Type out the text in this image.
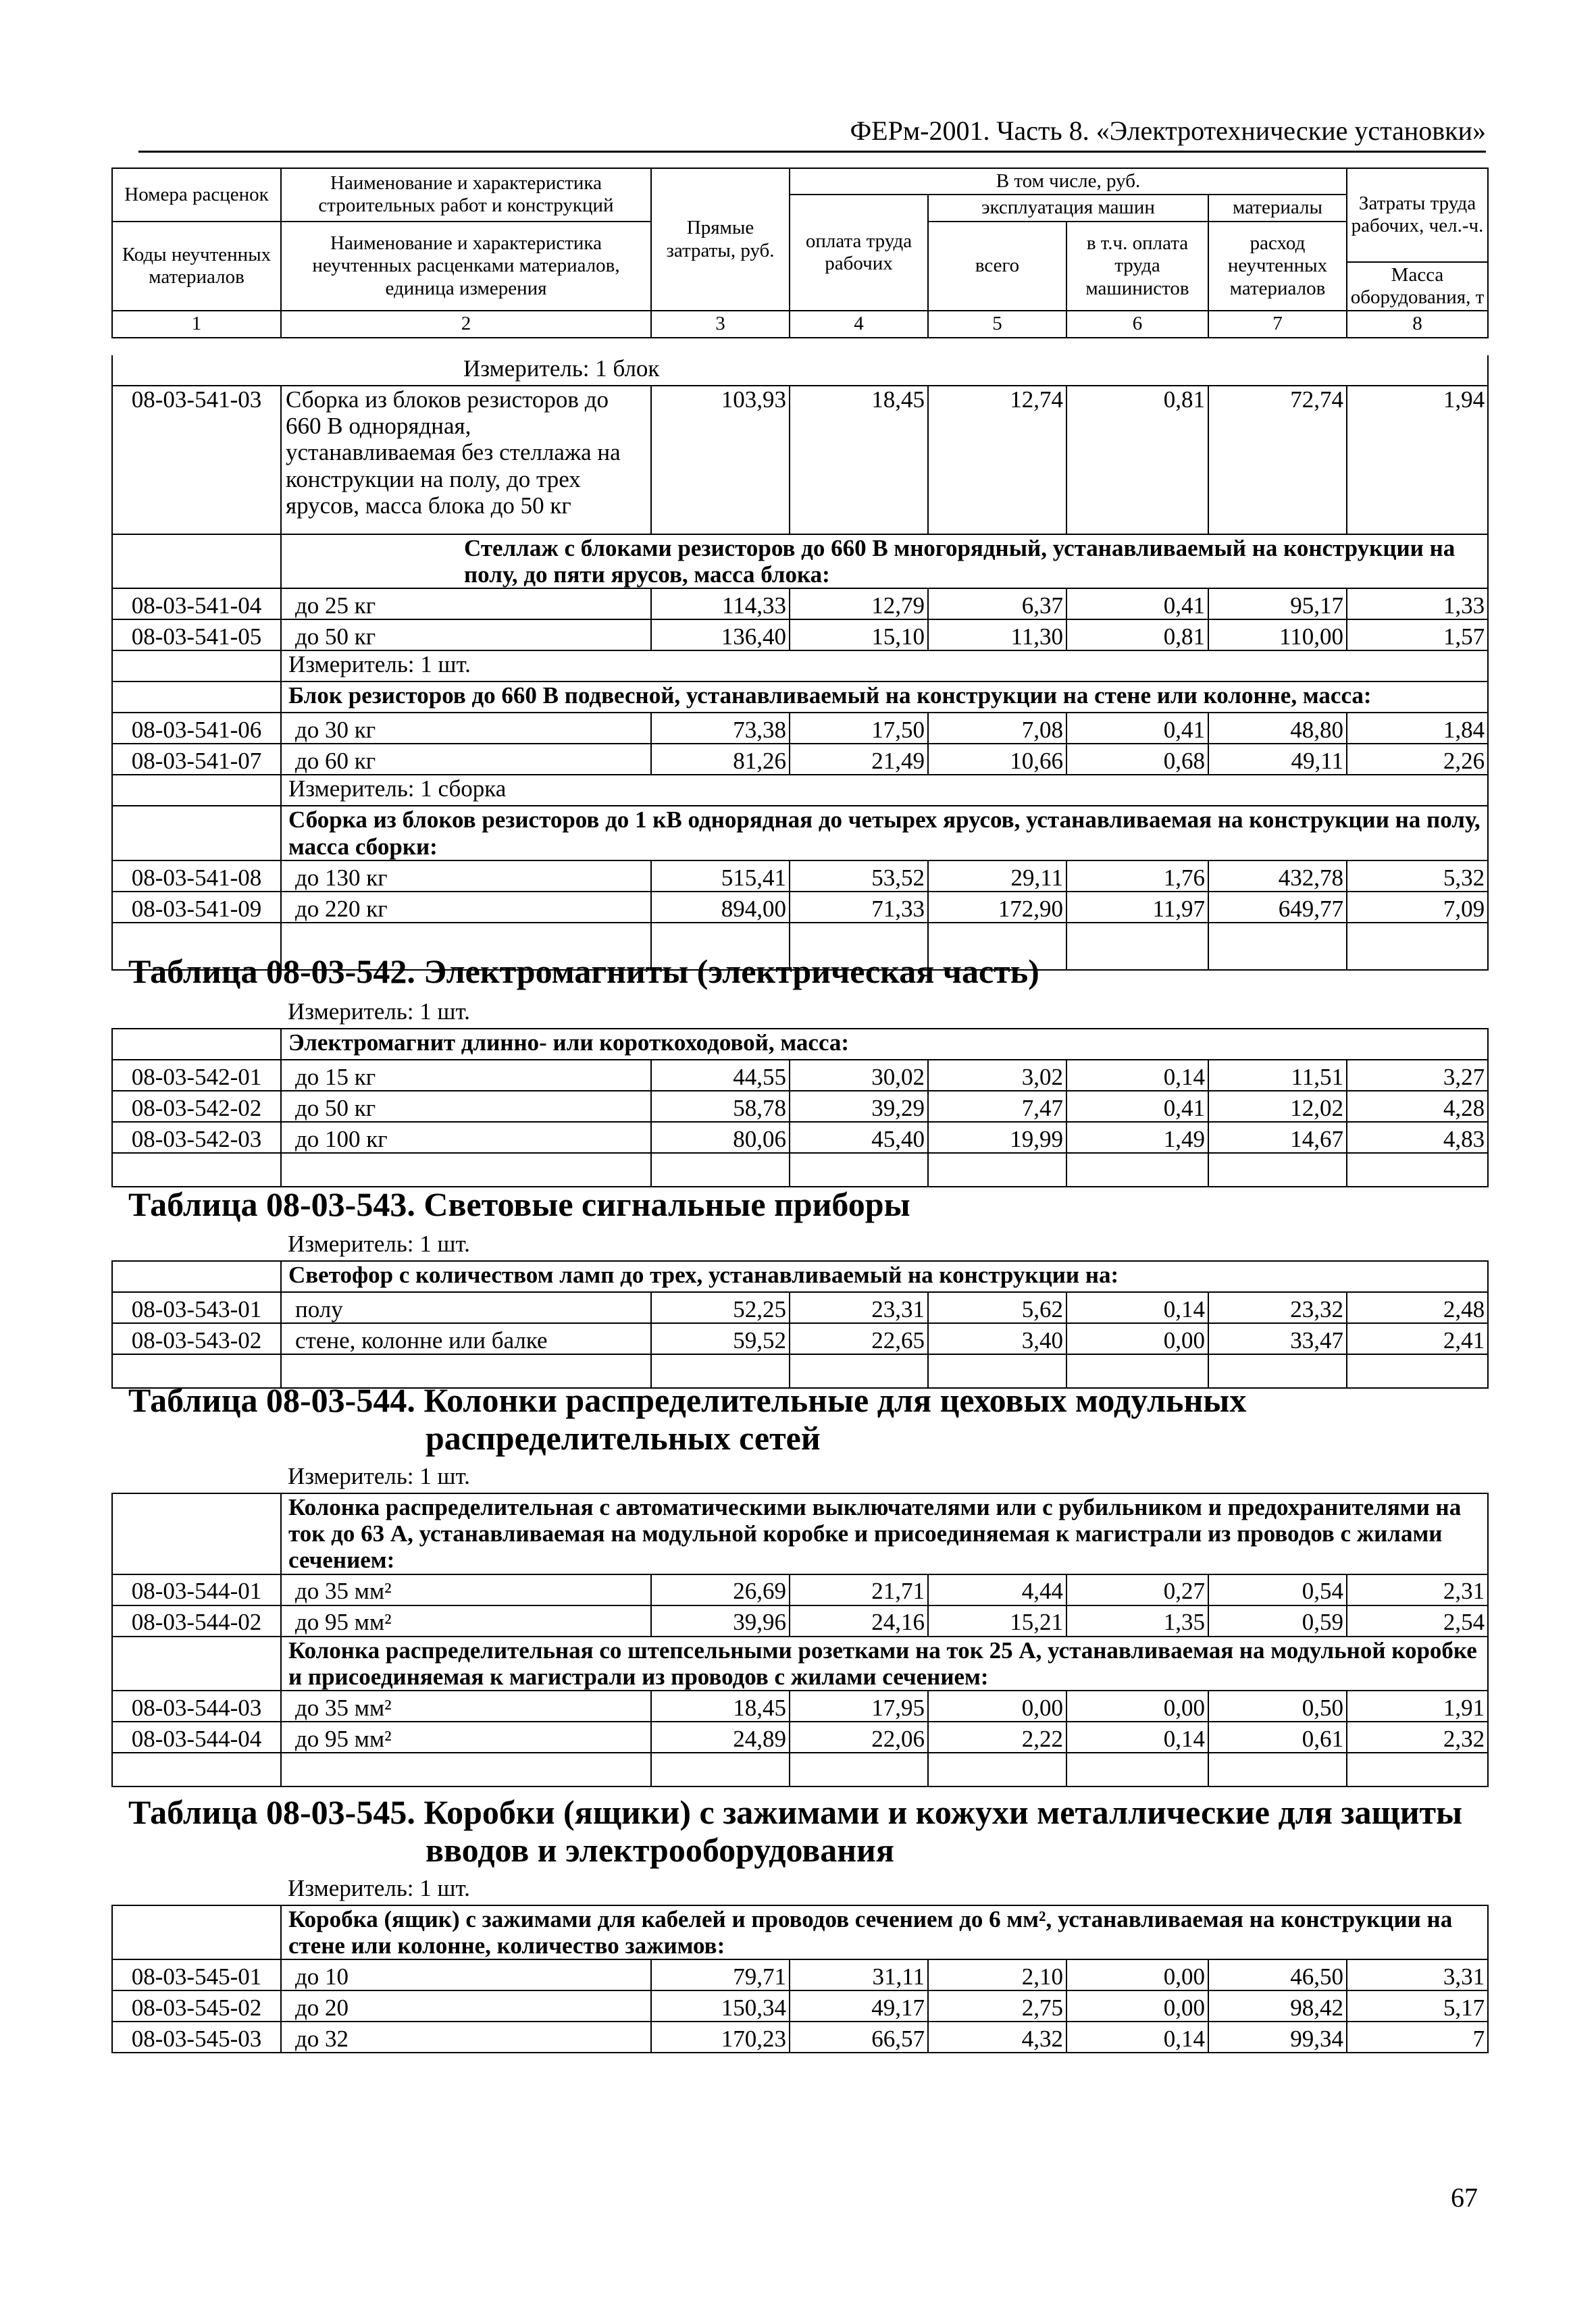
ФЕРм-2001. Часть 8. «Электротехнические установки»
Номера расценок	Наименование и характеристика строительных работ и конструкций	Прямые затраты, руб.	В том числе, руб.				Затраты труда рабочих, чел.-ч.
			оплата труда рабочих	эксплуатация машин		материалы	
Коды неучтенных материалов	Наименование и характеристика неучтенных расценками материалов, единица измерения			всего	в т.ч. оплата труда машинистов	расход неучтенных материалов	
							Масса оборудования, т
1	2	3	4	5	6	7	8
	Измеритель: 1 блок						
08-03-541-03	Сборка из блоков резисторов до 660 В однорядная, устанавливаемая без стеллажа на конструкции на полу, до трех ярусов, масса блока до 50 кг	103,93	18,45	12,74	0,81	72,74	1,94

	Стеллаж с блоками резисторов до 660 В многорядный, устанавливаемый на конструкции на полу, до пяти ярусов, масса блока:						

08-03-541-04	до 25 кг	114,33	12,79	6,37	0,41	95,17	1,33
08-03-541-05	до 50 кг	136,40	15,10	11,30	0,81	110,00	1,57
	Измеритель: 1 шт.						
	Блок резисторов до 660 В подвесной, устанавливаемый на конструкции на стене или колонне, масса:						
08-03-541-06	до 30 кг	73,38	17,50	7,08	0,41	48,80	1,84
08-03-541-07	до 60 кг	81,26	21,49	10,66	0,68	49,11	2,26
	Измеритель: 1 сборка						
	Сборка из блоков резисторов до 1 кВ однорядная до четырех ярусов, устанавливаемая на конструкции на полу, масса сборки:						
08-03-541-08	до 130 кг	515,41	53,52	29,11	1,76	432,78	5,32
08-03-541-09	до 220 кг	894,00	71,33	172,90	11,97	649,77	7,09

Таблица 08-03-542. Электромагниты (электрическая часть)
	Измеритель: 1 шт.						
	Электромагнит длинно- или короткоходовой, масса:						
08-03-542-01	до 15 кг	44,55	30,02	3,02	0,14	11,51	3,27
08-03-542-02	до 50 кг	58,78	39,29	7,47	0,41	12,02	4,28
08-03-542-03	до 100 кг	80,06	45,40	19,99	1,49	14,67	4,83

Таблица 08-03-543. Световые сигнальные приборы
	Измеритель: 1 шт.						
	Светофор с количеством ламп до трех, устанавливаемый на конструкции на:						
08-03-543-01	полу	52,25	23,31	5,62	0,14	23,32	2,48
08-03-543-02	стене, колонне или балке	59,52	22,65	3,40	0,00	33,47	2,41

Таблица 08-03-544. Колонки распределительные для цеховых модульных
распределительных сетей
	Измеритель: 1 шт.						
	Колонка распределительная с автоматическими выключателями или с рубильником и предохранителями на ток до 63 А, устанавливаемая на модульной коробке и присоединяемая к магистрали из проводов с жилами сечением:						
08-03-544-01	до 35 мм²	26,69	21,71	4,44	0,27	0,54	2,31
08-03-544-02	до 95 мм²	39,96	24,16	15,21	1,35	0,59	2,54
	Колонка распределительная со штепсельными розетками на ток 25 А, устанавливаемая на модульной коробке и присоединяемая к магистрали из проводов с жилами сечением:						
08-03-544-03	до 35 мм²	18,45	17,95	0,00	0,00	0,50	1,91
08-03-544-04	до 95 мм²	24,89	22,06	2,22	0,14	0,61	2,32

Таблица 08-03-545. Коробки (ящики) с зажимами и кожухи металлические для защиты
вводов и электрооборудования
	Измеритель: 1 шт.						
	Коробка (ящик) с зажимами для кабелей и проводов сечением до 6 мм², устанавливаемая на конструкции на стене или колонне, количество зажимов:						
08-03-545-01	до 10	79,71	31,11	2,10	0,00	46,50	3,31
08-03-545-02	до 20	150,34	49,17	2,75	0,00	98,42	5,17
08-03-545-03	до 32	170,23	66,57	4,32	0,14	99,34	7
67
